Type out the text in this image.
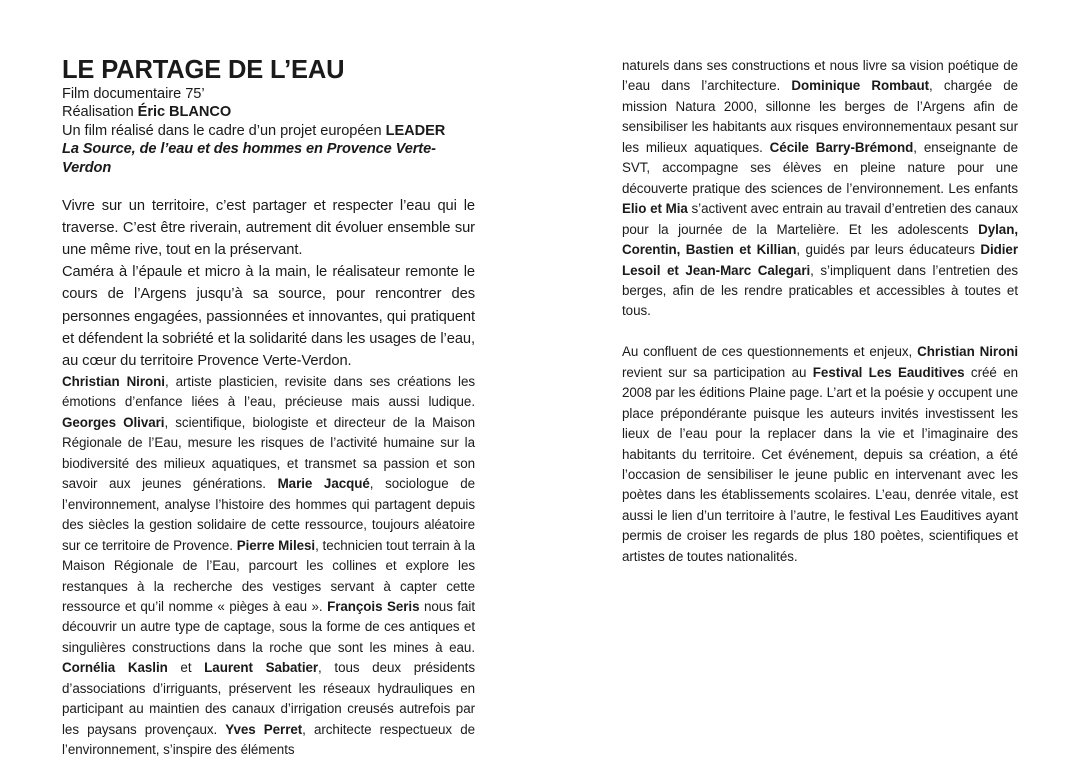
LE PARTAGE DE L’EAU

Film documentaire 75’

Réalisation Éric BLANCO

Un film réalisé dans le cadre d’un projet européen LEADER

La Source, de l’eau et des hommes en Provence Verte-Verdon

Vivre sur un territoire, c’est partager et respecter l’eau qui le traverse. C’est être riverain, autrement dit évoluer ensemble sur une même rive, tout en la préservant.
Caméra à l’épaule et micro à la main, le réalisateur remonte le cours de l’Argens jusqu’à sa source, pour rencontrer des personnes engagées, passionnées et innovantes, qui pratiquent et défendent la sobriété et la solidarité dans les usages de l’eau, au cœur du territoire Provence Verte-Verdon.
Christian Nironi, artiste plasticien, revisite dans ses créations les émotions d’enfance liées à l’eau, précieuse mais aussi ludique. Georges Olivari, scientifique, biologiste et directeur de la Maison Régionale de l’Eau, mesure les risques de l’activité humaine sur la biodiversité des milieux aquatiques, et transmet sa passion et son savoir aux jeunes générations. Marie Jacqué, sociologue de l’environnement, analyse l’histoire des hommes qui partagent depuis des siècles la gestion solidaire de cette ressource, toujours aléatoire sur ce territoire de Provence. Pierre Milesi, technicien tout terrain à la Maison Régionale de l’Eau, parcourt les collines et explore les restanques à la recherche des vestiges servant à capter cette ressource et qu’il nomme « pièges à eau ». François Seris nous fait découvrir un autre type de captage, sous la forme de ces antiques et singulières constructions dans la roche que sont les mines à eau. Cornélia Kaslin et Laurent Sabatier, tous deux présidents d’associations d’irriguants, préservent les réseaux hydrauliques en participant au maintien des canaux d’irrigation creusés autrefois par les paysans provençaux. Yves Perret, architecte respectueux de l’environnement, s’inspire des éléments
naturels dans ses constructions et nous livre sa vision poétique de l’eau dans l’architecture. Dominique Rombaut, chargée de mission Natura 2000, sillonne les berges de l’Argens afin de sensibiliser les habitants aux risques environnementaux pesant sur les milieux aquatiques. Cécile Barry-Brémond, enseignante de SVT, accompagne ses élèves en pleine nature pour une découverte pratique des sciences de l’environnement. Les enfants Elio et Mia s’activent avec entrain au travail d’entretien des canaux pour la journée de la Martelière. Et les adolescents Dylan, Corentin, Bastien et Killian, guidés par leurs éducateurs Didier Lesoil et Jean-Marc Calegari, s’impliquent dans l’entretien des berges, afin de les rendre praticables et accessibles à toutes et tous.
Au confluent de ces questionnements et enjeux, Christian Nironi revient sur sa participation au Festival Les Eauditives créé en 2008 par les éditions Plaine page. L’art et la poésie y occupent une place prépondérante puisque les auteurs invités investissent les lieux de l’eau pour la replacer dans la vie et l’imaginaire des habitants du territoire. Cet événement, depuis sa création, a été l’occasion de sensibiliser le jeune public en intervenant avec les poètes dans les établissements scolaires. L’eau, denrée vitale, est aussi le lien d’un territoire à l’autre, le festival Les Eauditives ayant permis de croiser les regards de plus 180 poètes, scientifiques et artistes de toutes nationalités.
